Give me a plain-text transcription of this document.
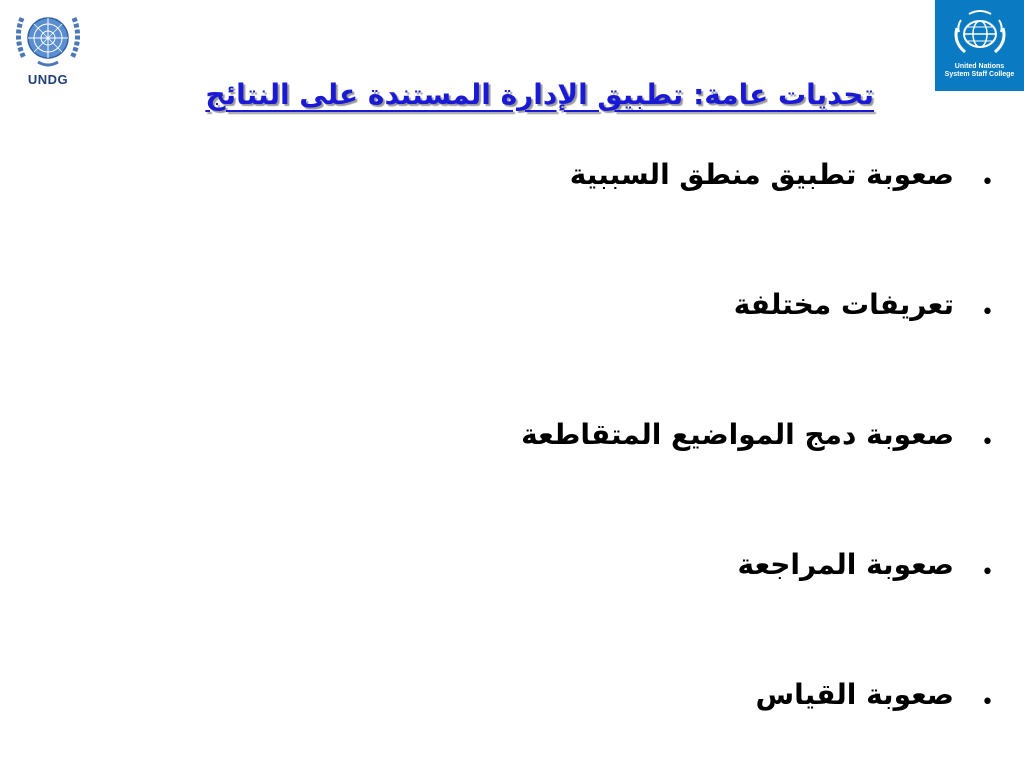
UNDG
United Nations
System Staff College
تحديات عامة: تطبيق الإدارة المستندة على النتائج
•
صعوبة تطبيق منطق السببية
•
تعريفات مختلفة
•
صعوبة دمج المواضيع المتقاطعة
•
صعوبة المراجعة
•
صعوبة القياس
